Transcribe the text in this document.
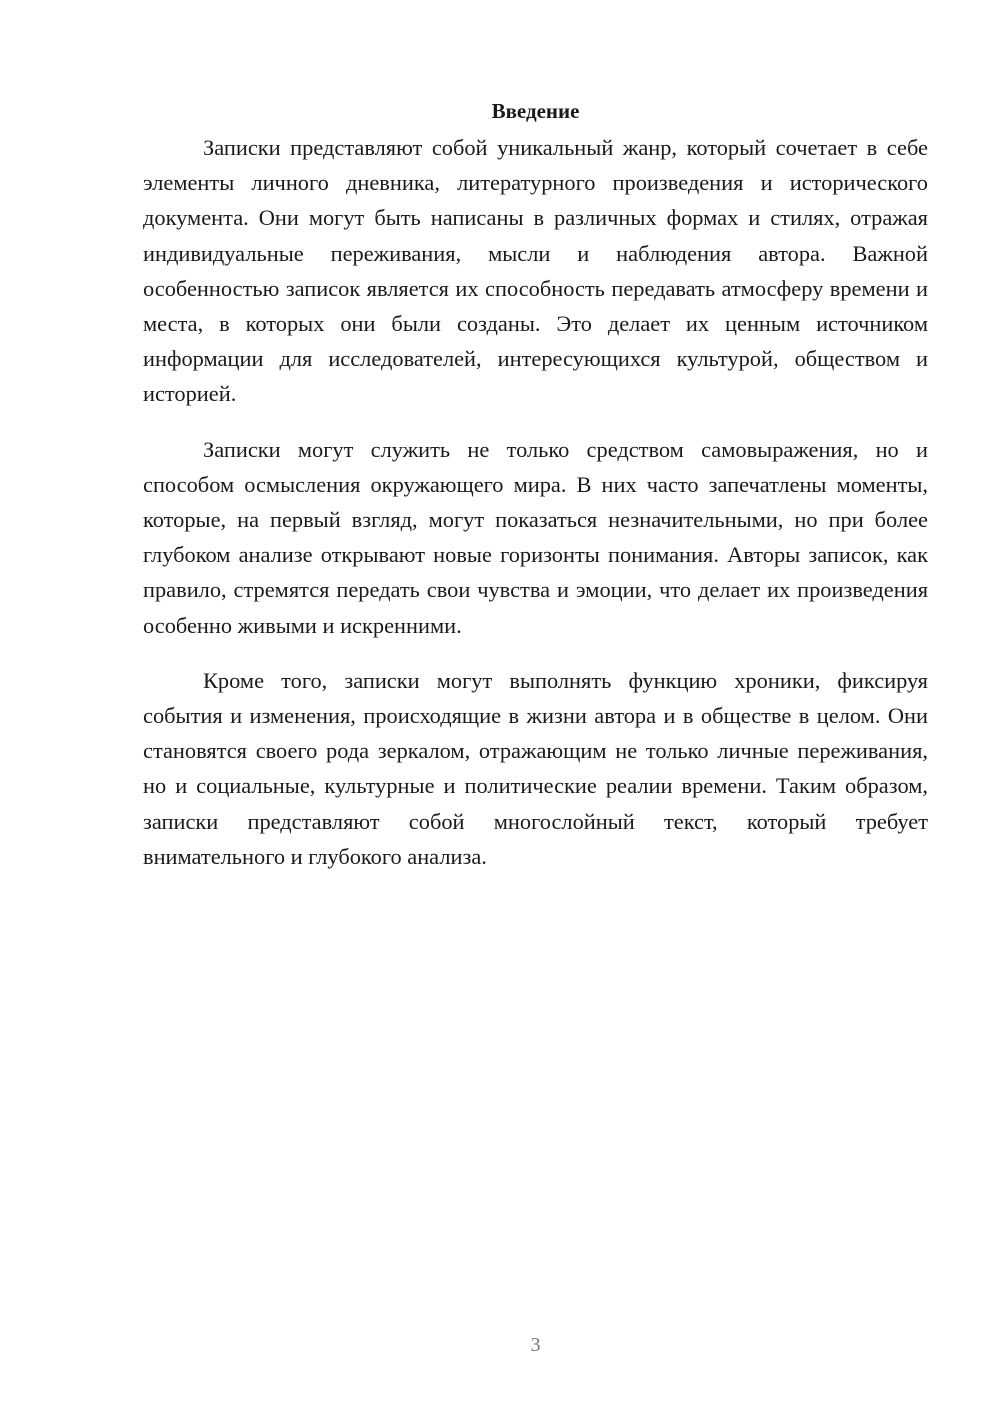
Введение

Записки представляют собой уникальный жанр, который сочетает в себе элементы личного дневника, литературного произведения и исторического документа. Они могут быть написаны в различных формах и стилях, отражая индивидуальные переживания, мысли и наблюдения автора. Важной особенностью записок является их способность передавать атмосферу времени и места, в которых они были созданы. Это делает их ценным источником информации для исследователей, интересующихся культурой, обществом и историей.

Записки могут служить не только средством самовыражения, но и способом осмысления окружающего мира. В них часто запечатлены моменты, которые, на первый взгляд, могут показаться незначительными, но при более глубоком анализе открывают новые горизонты понимания. Авторы записок, как правило, стремятся передать свои чувства и эмоции, что делает их произведения особенно живыми и искренними.

Кроме того, записки могут выполнять функцию хроники, фиксируя события и изменения, происходящие в жизни автора и в обществе в целом. Они становятся своего рода зеркалом, отражающим не только личные переживания, но и социальные, культурные и политические реалии времени. Таким образом, записки представляют собой многослойный текст, который требует внимательного и глубокого анализа.

3
